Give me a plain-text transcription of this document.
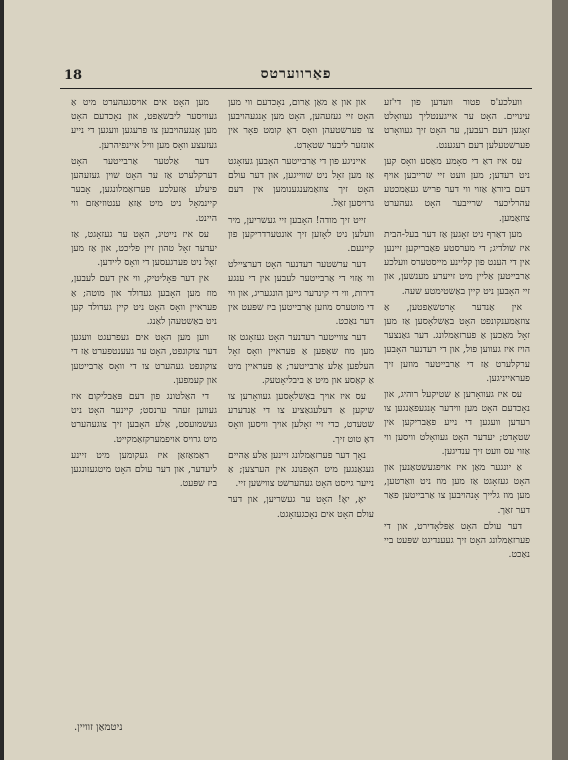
18	פאַרווערטס

וועלכע'ס פטור וועדען פון די'זע עינויים. האָט ער אייגענטליך געוואָלט זאָגען דעם רעבען, ער האָט זיך געוואָרט פערשטעלען דעם רעגענט.

עס איז דאַ די סאָמע מאַסע וואָס קען ניט רעדען; מען וועט זיי שרייבען אויף דעם ביוראָ אַזוי ווי דער פריש געאַמכטע עהרליכער שרייבער האָט געהערט צוזאַמען.

מען דאַרף ניט זאָגען אַז דער בעל-הבית איז שולדיג; די מערסטע פאַבריקען זיינען אין די הענט פון קליינע מייסטערס וועלכע אַרבייטען אַליין מיט זייערע מענשען, און זיי האָבען ניט קיין באַשטימטע שעה.

אין אַנדער אָרטשאַפטען, אַ צוזאַמענקונפט האָט באַשלאָסען אַז מען זאָל מאַכען אַ פערזאַמלונג. דער גאַנצער הויז איז געווען פול, און די רעדנער האָבען ערקלערט אַז די אַרבייטער מוזען זיך פעראייניגען.

עס איז געוואָרען אַ שטיקעל רוהיג, און נאָכדעם האָט מען ווידער אָנגעפאַנגען צו רעדען וועגען די נייע פאַבריקען אין שטאָדט; יעדער האָט געוואָלט וויסען ווי אַזוי עס וועט זיך ענדיגען.

אַ יונגער מאַן איז אויפגעשטאַנען און האָט געזאָגט אַז מען מוז ניט וואַרטען, מען מוז גלייך אָנהויבען צו אַרבייטען פאַר דער זאַך.

דער עולם האָט אַפּלאָדירט, און די פערזאַמלונג האָט זיך געענדיגט שפּעט ביי נאַכט.

און און אַ מאַן אַרום, נאָכדעם ווי מען האָט זיי געזעהען, האָט מען אָנגעהויבען צו פערשטעהן וואָס דאָ קומט פאָר אין אונזער ליבער שטאָדט.

אייניגע פון די אַרבייטער האָבען געזאָגט אַז מען זאָל ניט שווייגען, און דער עולם האָט זיך צוזאַמענגענומען אין דעם גרויסען זאַל.

זייט זיך מודה! האָבען זיי געשריען, מיר וועלען ניט לאָזען זיך אונטערדריקען פון קיינעם.

דער ערשטער רעדנער האָט דערציילט ווי אַזוי די אַרבייטער לעבען אין די ענגע דירות, ווי די קינדער גייען הונגעריג, און ווי די מוטערס מוזען אַרבייטען ביז שפּעט אין דער נאַכט.

דער צווייטער רעדנער האָט געזאָגט אַז מען מוז שאַפען אַ פעראיין וואָס זאָל העלפען אַלע אַרבייטער; אַ פעראיין מיט אַ קאַסע און מיט אַ ביבליאָטעק.

עס איז אויך באַשלאָסען געוואָרען צו שיקען אַ דעלעגאַציע צו די אַנדערע שטעדט, כדי זיי זאָלען אויך וויסען וואָס דאָ טוט זיך.

נאָך דער פערזאַמלונג זיינען אַלע אַהיים געגאַנגען מיט האָפנונג אין הערצען; אַ נייער גייסט האָט געהערשט צווישען זיי.

יאָ, יאָ! האָט ער געשריען, און דער עולם האָט אים נאָכגעזאָגט.

מען האָט אים אויסגעהערט מיט אַ געוויסער ליבשאַפט, און נאָכדעם האָט מען אָנגעהויבען צו פרעגען וועגען די נייע געזעצע וואָס מען וויל איינפיהרען.

דער אַלטער אַרבייטער האָט דערקלערט אַז ער האָט שוין געזעהען פיעלע אַזעלכע פערזאַמלונגען, אָבער קיינמאָל ניט מיט אַזאַ ענטוזיאַזם ווי היינט.

עס איז נייטיג, האָט ער געזאָגט, אַז יעדער זאָל טהון זיין פליכט, און אַז מען זאָל ניט פערגעסען די וואָס ליידען.

אין דער פּאָליטיק, ווי אין דעם לעבען, מוז מען האָבען געדולד און מוטה; אַ פעראיין וואָס האָט ניט קיין געדולד קען ניט באַשטעהן לאַנג.

ווען מען האָט אים געפרעגט וועגען דער צוקונפט, האָט ער געענטפערט אַז די צוקונפט געהערט צו די וואָס אַרבייטען און קעמפען.

די האַלטונג פון דעם פּאַבליקום איז געווען זעהר ערנסט; קיינער האָט ניט געשמועסט, אַלע האָבען זיך צוגעהערט מיט גרויס אויפמערקזאַמקייט.

ראַמאַזאַן איז געקומען מיט זיינע ליעדער, און דער עולם האָט מיטגעזונגען ביז שפּעט.

ניטמאַן זוויין.
